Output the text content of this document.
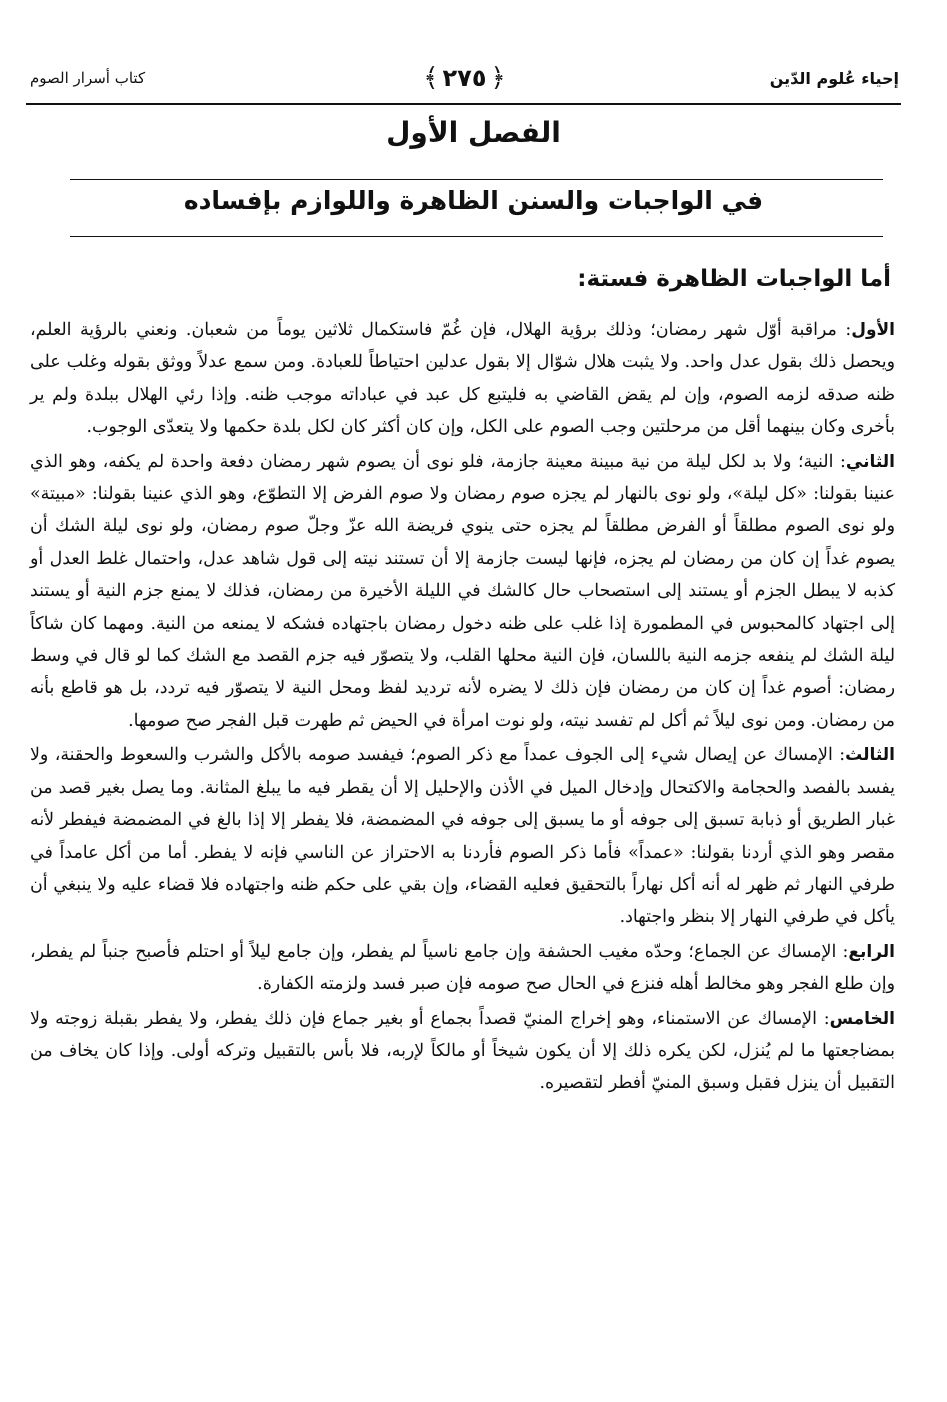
إحياء عُلوم الدّين
﴿
٢٧٥
﴾
كتاب أسرار الصوم
الفصل الأول
في الواجبات والسنن الظاهرة واللوازم بإفساده
أما الواجبات الظاهرة فستة:

الأول: مراقبة أوّل شهر رمضان؛ وذلك برؤية الهلال، فإن غُمّ فاستكمال ثلاثين يوماً من شعبان. ونعني بالرؤية العلم، ويحصل ذلك بقول عدل واحد. ولا يثبت هلال شوّال إلا بقول عدلين احتياطاً للعبادة. ومن سمع عدلاً ووثق بقوله وغلب على ظنه صدقه لزمه الصوم، وإن لم يقض القاضي به فليتبع كل عبد في عباداته موجب ظنه. وإذا رئي الهلال ببلدة ولم ير بأخرى وكان بينهما أقل من مرحلتين وجب الصوم على الكل، وإن كان أكثر كان لكل بلدة حكمها ولا يتعدّى الوجوب.

الثاني: النية؛ ولا بد لكل ليلة من نية مبينة معينة جازمة، فلو نوى أن يصوم شهر رمضان دفعة واحدة لم يكفه، وهو الذي عنينا بقولنا: «كل ليلة»، ولو نوى بالنهار لم يجزه صوم رمضان ولا صوم الفرض إلا التطوّع، وهو الذي عنينا بقولنا: «مبيتة» ولو نوى الصوم مطلقاً أو الفرض مطلقاً لم يجزه حتى ينوي فريضة الله عزّ وجلّ صوم رمضان، ولو نوى ليلة الشك أن يصوم غداً إن كان من رمضان لم يجزه، فإنها ليست جازمة إلا أن تستند نيته إلى قول شاهد عدل، واحتمال غلط العدل أو كذبه لا يبطل الجزم أو يستند إلى استصحاب حال كالشك في الليلة الأخيرة من رمضان، فذلك لا يمنع جزم النية أو يستند إلى اجتهاد كالمحبوس في المطمورة إذا غلب على ظنه دخول رمضان باجتهاده فشكه لا يمنعه من النية. ومهما كان شاكاً ليلة الشك لم ينفعه جزمه النية باللسان، فإن النية محلها القلب، ولا يتصوّر فيه جزم القصد مع الشك كما لو قال في وسط رمضان: أصوم غداً إن كان من رمضان فإن ذلك لا يضره لأنه ترديد لفظ ومحل النية لا يتصوّر فيه تردد، بل هو قاطع بأنه من رمضان. ومن نوى ليلاً ثم أكل لم تفسد نيته، ولو نوت امرأة في الحيض ثم طهرت قبل الفجر صح صومها.

الثالث: الإمساك عن إيصال شيء إلى الجوف عمداً مع ذكر الصوم؛ فيفسد صومه بالأكل والشرب والسعوط والحقنة، ولا يفسد بالفصد والحجامة والاكتحال وإدخال الميل في الأذن والإحليل إلا أن يقطر فيه ما يبلغ المثانة. وما يصل بغير قصد من غبار الطريق أو ذبابة تسبق إلى جوفه أو ما يسبق إلى جوفه في المضمضة، فلا يفطر إلا إذا بالغ في المضمضة فيفطر لأنه مقصر وهو الذي أردنا بقولنا: «عمداً» فأما ذكر الصوم فأردنا به الاحتراز عن الناسي فإنه لا يفطر. أما من أكل عامداً في طرفي النهار ثم ظهر له أنه أكل نهاراً بالتحقيق فعليه القضاء، وإن بقي على حكم ظنه واجتهاده فلا قضاء عليه ولا ينبغي أن يأكل في طرفي النهار إلا بنظر واجتهاد.

الرابع: الإمساك عن الجماع؛ وحدّه مغيب الحشفة وإن جامع ناسياً لم يفطر، وإن جامع ليلاً أو احتلم فأصبح جنباً لم يفطر، وإن طلع الفجر وهو مخالط أهله فنزع في الحال صح صومه فإن صبر فسد ولزمته الكفارة.

الخامس: الإمساك عن الاستمناء، وهو إخراج المنيّ قصداً بجماع أو بغير جماع فإن ذلك يفطر، ولا يفطر بقبلة زوجته ولا بمضاجعتها ما لم يُنزل، لكن يكره ذلك إلا أن يكون شيخاً أو مالكاً لإربه، فلا بأس بالتقبيل وتركه أولى. وإذا كان يخاف من التقبيل أن ينزل فقبل وسبق المنيّ أفطر لتقصيره.
